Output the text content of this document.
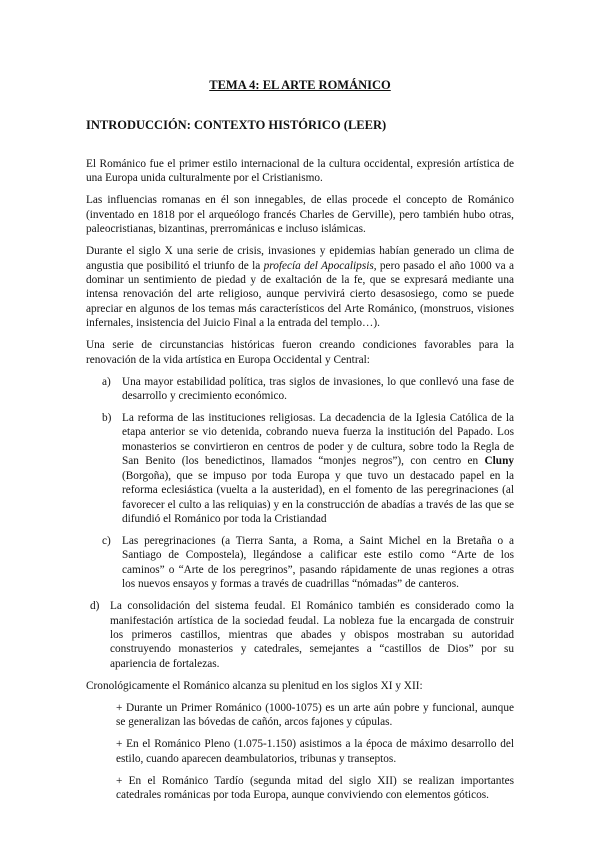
TEMA 4: EL ARTE ROMÁNICO
INTRODUCCIÓN: CONTEXTO HISTÓRICO (LEER)

El Románico fue el primer estilo internacional de la cultura occidental, expresión artística de una Europa unida culturalmente por el Cristianismo.

Las influencias romanas en él son innegables, de ellas procede el concepto de Románico (inventado en 1818 por el arqueólogo francés Charles de Gerville), pero también hubo otras, paleocristianas, bizantinas, prerrománicas e incluso islámicas.

Durante el siglo X una serie de crisis, invasiones y epidemias habían generado un clima de angustia que posibilitó el triunfo de la profecía del Apocalipsis, pero pasado el año 1000 va a dominar un sentimiento de piedad y de exaltación de la fe, que se expresará mediante una intensa renovación del arte religioso, aunque pervivirá cierto desasosiego, como se puede apreciar en algunos de los temas más característicos del Arte Románico, (monstruos, visiones infernales, insistencia del Juicio Final a la entrada del templo…).

Una serie de circunstancias históricas fueron creando condiciones favorables para la renovación de la vida artística en Europa Occidental y Central:

a) Una mayor estabilidad política, tras siglos de invasiones, lo que conllevó una fase de desarrollo y crecimiento económico.
b) La reforma de las instituciones religiosas. La decadencia de la Iglesia Católica de la etapa anterior se vio detenida, cobrando nueva fuerza la institución del Papado. Los monasterios se convirtieron en centros de poder y de cultura, sobre todo la Regla de San Benito (los benedictinos, llamados “monjes negros”), con centro en Cluny (Borgoña), que se impuso por toda Europa y que tuvo un destacado papel en la reforma eclesiástica (vuelta a la austeridad), en el fomento de las peregrinaciones (al favorecer el culto a las reliquias) y en la construcción de abadías a través de las que se difundió el Románico por toda la Cristiandad
c) Las peregrinaciones (a Tierra Santa, a Roma, a Saint Michel en la Bretaña o a Santiago de Compostela), llegándose a calificar este estilo como “Arte de los caminos” o “Arte de los peregrinos”, pasando rápidamente de unas regiones a otras los nuevos ensayos y formas a través de cuadrillas “nómadas” de canteros.
d) La consolidación del sistema feudal. El Románico también es considerado como la manifestación artística de la sociedad feudal. La nobleza fue la encargada de construir los primeros castillos, mientras que abades y obispos mostraban su autoridad construyendo monasterios y catedrales, semejantes a “castillos de Dios” por su apariencia de fortalezas.

Cronológicamente el Románico alcanza su plenitud en los siglos XI y XII:

+ Durante un Primer Románico (1000-1075) es un arte aún pobre y funcional, aunque se generalizan las bóvedas de cañón, arcos fajones y cúpulas.
+ En el Románico Pleno (1.075-1.150) asistimos a la época de máximo desarrollo del estilo, cuando aparecen deambulatorios, tribunas y transeptos.
+ En el Románico Tardío (segunda mitad del siglo XII) se realizan importantes catedrales románicas por toda Europa, aunque conviviendo con elementos góticos.
